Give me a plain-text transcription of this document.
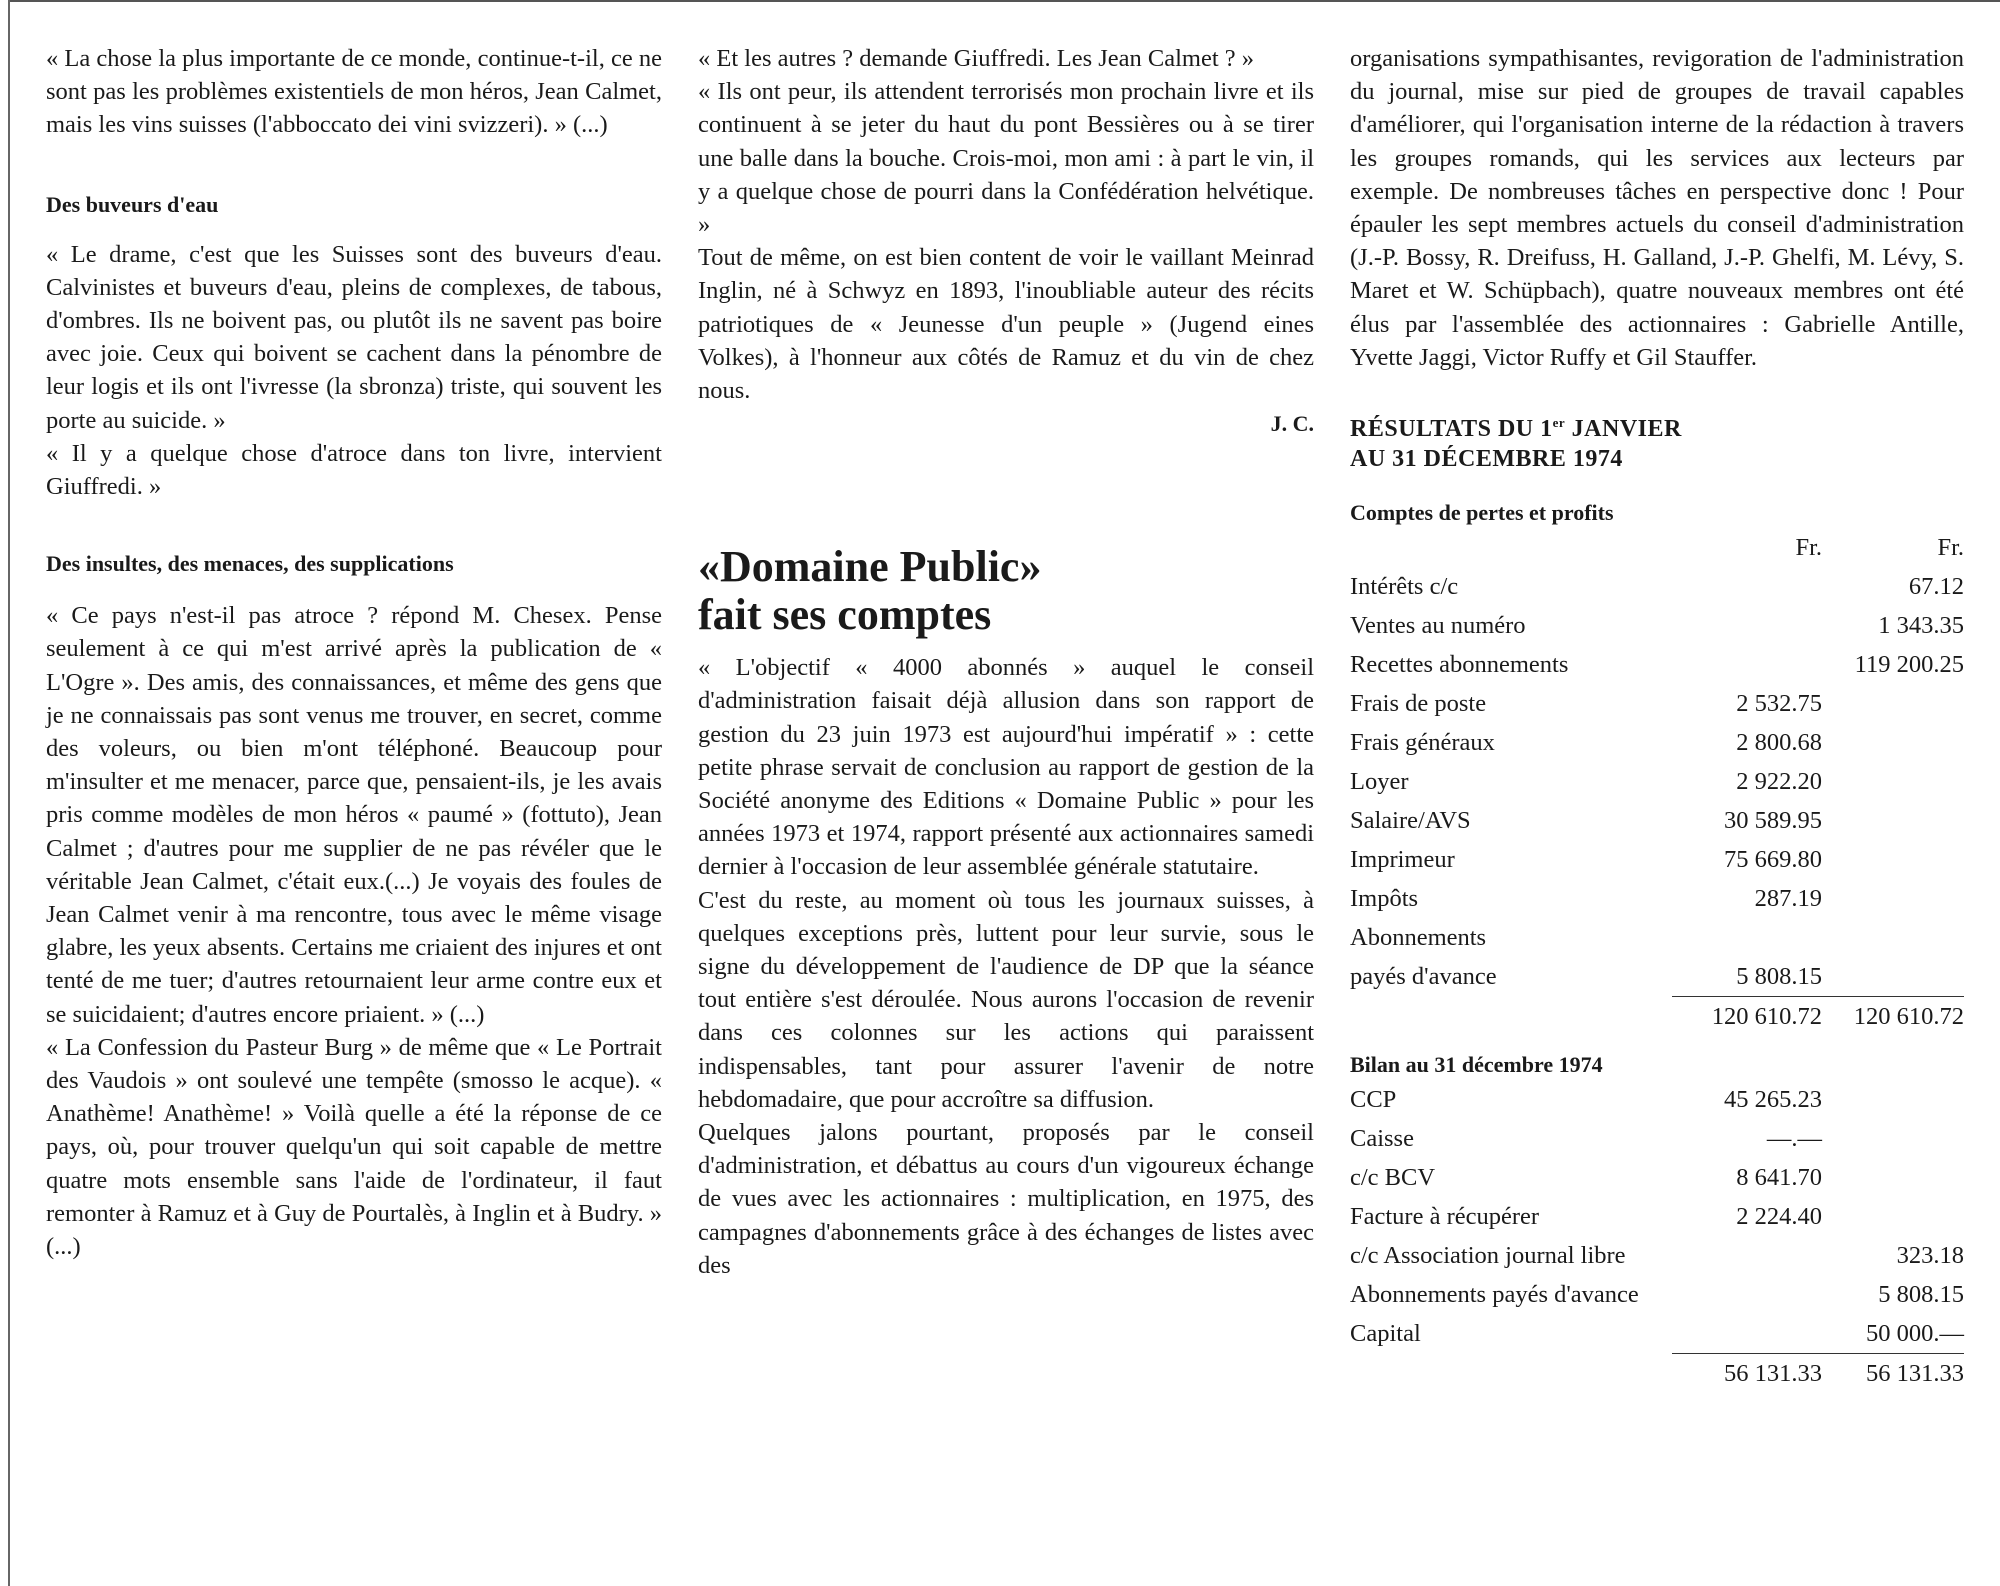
« La chose la plus importante de ce monde, continue-t-il, ce ne sont pas les problèmes existentiels de mon héros, Jean Calmet, mais les vins suisses (l'abboccato dei vini svizzeri). » (...)

Des buveurs d'eau

« Le drame, c'est que les Suisses sont des buveurs d'eau. Calvinistes et buveurs d'eau, pleins de complexes, de tabous, d'ombres. Ils ne boivent pas, ou plutôt ils ne savent pas boire avec joie. Ceux qui boivent se cachent dans la pénombre de leur logis et ils ont l'ivresse (la sbronza) triste, qui souvent les porte au suicide. »

« Il y a quelque chose d'atroce dans ton livre, intervient Giuffredi. »

Des insultes, des menaces, des supplications

« Ce pays n'est-il pas atroce ? répond M. Chesex. Pense seulement à ce qui m'est arrivé après la publication de « L'Ogre ». Des amis, des connaissances, et même des gens que je ne connaissais pas sont venus me trouver, en secret, comme des voleurs, ou bien m'ont téléphoné. Beaucoup pour m'insulter et me menacer, parce que, pensaient-ils, je les avais pris comme modèles de mon héros « paumé » (fottuto), Jean Calmet ; d'autres pour me supplier de ne pas révéler que le véritable Jean Calmet, c'était eux.(...) Je voyais des foules de Jean Calmet venir à ma rencontre, tous avec le même visage glabre, les yeux absents. Certains me criaient des injures et ont tenté de me tuer; d'autres retournaient leur arme contre eux et se suicidaient; d'autres encore priaient. » (...)

« La Confession du Pasteur Burg » de même que « Le Portrait des Vaudois » ont soulevé une tempête (smosso le acque). « Anathème! Anathème! » Voilà quelle a été la réponse de ce pays, où, pour trouver quelqu'un qui soit capable de mettre quatre mots ensemble sans l'aide de l'ordinateur, il faut remonter à Ramuz et à Guy de Pourtalès, à Inglin et à Budry. » (...)

« Et les autres ? demande Giuffredi. Les Jean Calmet ? »

« Ils ont peur, ils attendent terrorisés mon prochain livre et ils continuent à se jeter du haut du pont Bessières ou à se tirer une balle dans la bouche. Crois-moi, mon ami : à part le vin, il y a quelque chose de pourri dans la Confédération helvétique. »

Tout de même, on est bien content de voir le vaillant Meinrad Inglin, né à Schwyz en 1893, l'inoubliable auteur des récits patriotiques de « Jeunesse d'un peuple » (Jugend eines Volkes), à l'honneur aux côtés de Ramuz et du vin de chez nous.

J. C.

«Domaine Public»

fait ses comptes

« L'objectif « 4000 abonnés » auquel le conseil d'administration faisait déjà allusion dans son rapport de gestion du 23 juin 1973 est aujourd'hui impératif » : cette petite phrase servait de conclusion au rapport de gestion de la Société anonyme des Editions « Domaine Public » pour les années 1973 et 1974, rapport présenté aux actionnaires samedi dernier à l'occasion de leur assemblée générale statutaire.

C'est du reste, au moment où tous les journaux suisses, à quelques exceptions près, luttent pour leur survie, sous le signe du développement de l'audience de DP que la séance tout entière s'est déroulée. Nous aurons l'occasion de revenir dans ces colonnes sur les actions qui paraissent indispensables, tant pour assurer l'avenir de notre hebdomadaire, que pour accroître sa diffusion.

Quelques jalons pourtant, proposés par le conseil d'administration, et débattus au cours d'un vigoureux échange de vues avec les actionnaires : multiplication, en 1975, des campagnes d'abonnements grâce à des échanges de listes avec des

organisations sympathisantes, revigoration de l'administration du journal, mise sur pied de groupes de travail capables d'améliorer, qui l'organisation interne de la rédaction à travers les groupes romands, qui les services aux lecteurs par exemple. De nombreuses tâches en perspective donc ! Pour épauler les sept membres actuels du conseil d'administration (J.-P. Bossy, R. Dreifuss, H. Galland, J.-P. Ghelfi, M. Lévy, S. Maret et W. Schüpbach), quatre nouveaux membres ont été élus par l'assemblée des actionnaires : Gabrielle Antille, Yvette Jaggi, Victor Ruffy et Gil Stauffer.

RÉSULTATS DU 1er JANVIER

AU 31 DÉCEMBRE 1974

Comptes de pertes et profits

	Fr.	Fr.
Intérêts c/c		67.12
Ventes au numéro		1 343.35
Recettes abonnements		119 200.25
Frais de poste	2 532.75	
Frais généraux	2 800.68	
Loyer	2 922.20	
Salaire/AVS	30 589.95	
Imprimeur	75 669.80	
Impôts	287.19	
Abonnements		
payés d'avance	5 808.15	
	120 610.72	120 610.72

Bilan au 31 décembre 1974

CCP	45 265.23	
Caisse	—.—	
c/c BCV	8 641.70	
Facture à récupérer	2 224.40	
c/c Association journal libre		323.18
Abonnements payés d'avance		5 808.15
Capital		50 000.—
	56 131.33	56 131.33
